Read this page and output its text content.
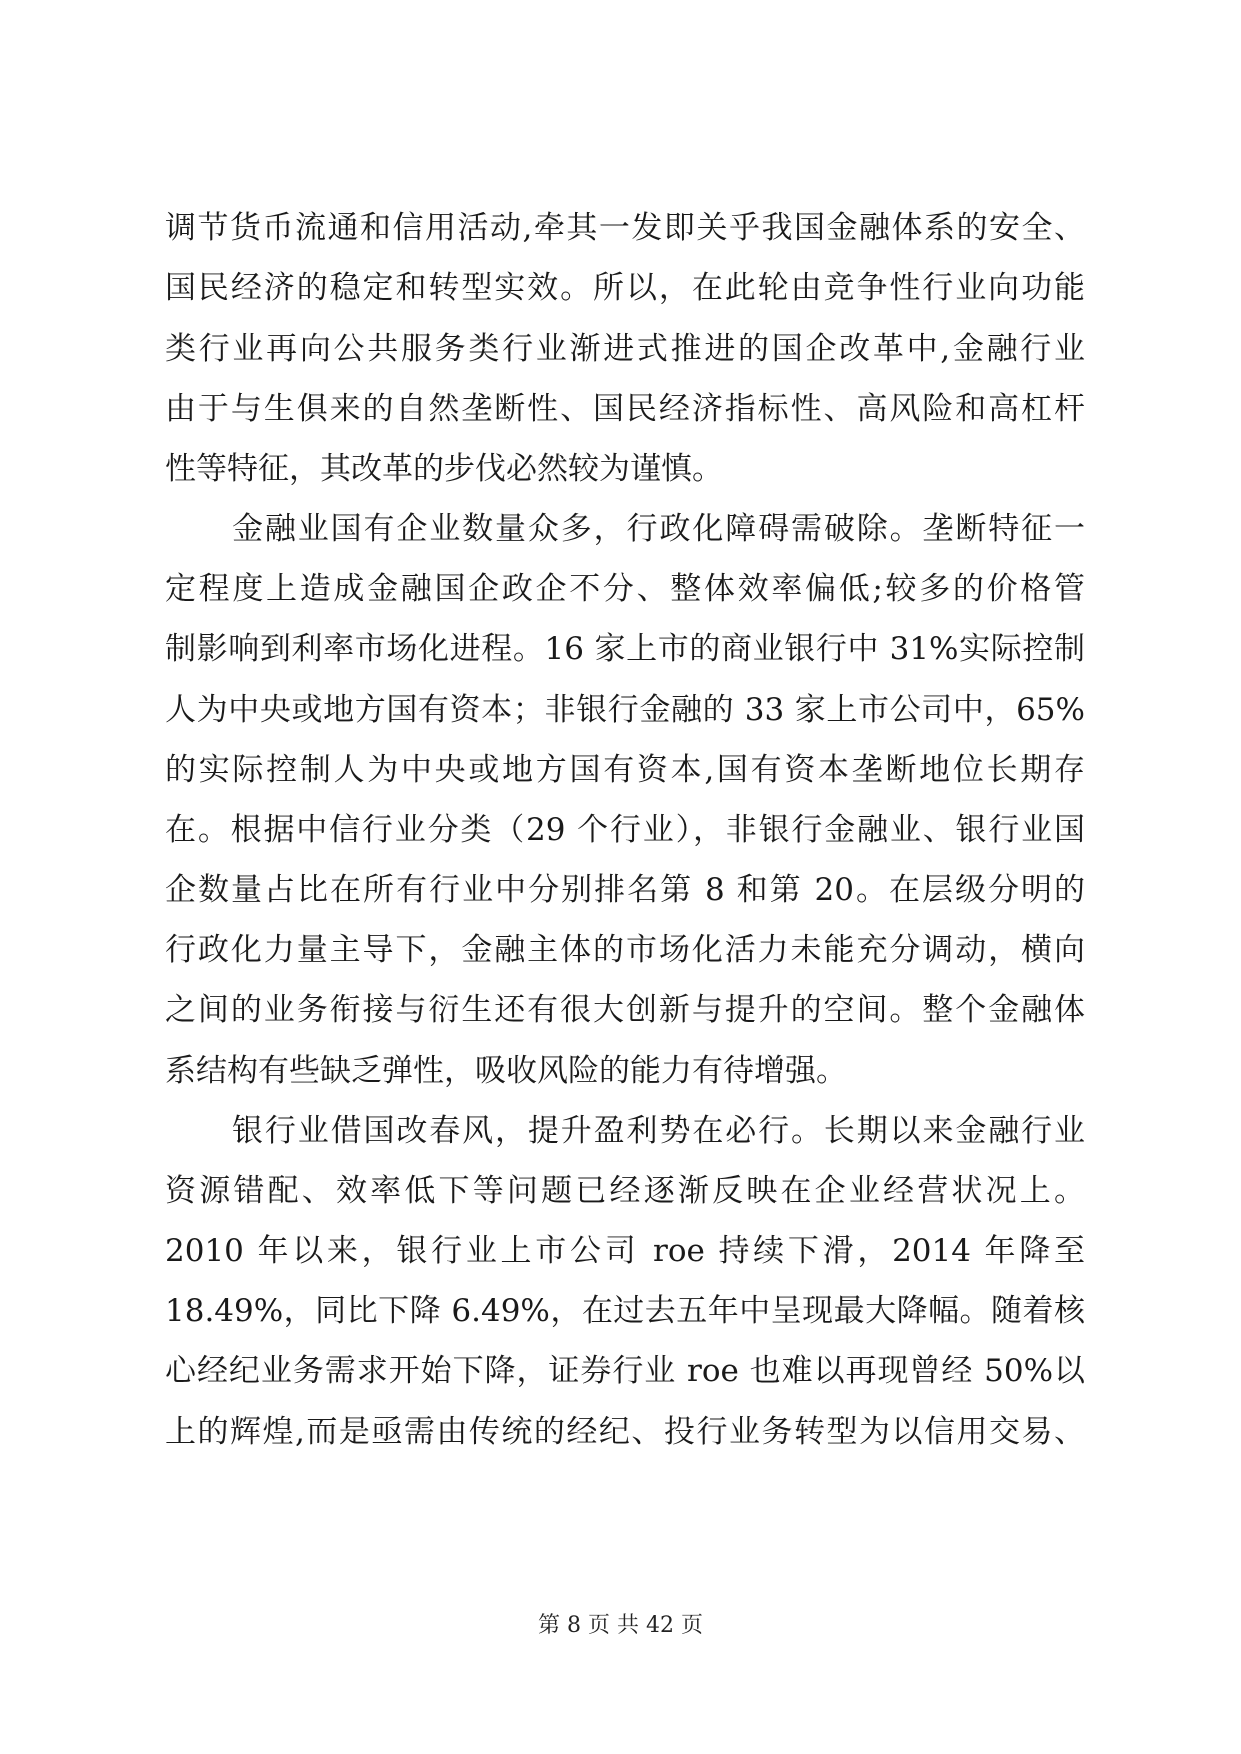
调节货币流通和信用活动,牵其一发即关乎我国金融体系的安全、
国民经济的稳定和转型实效。所以，在此轮由竞争性行业向功能
类行业再向公共服务类行业渐进式推进的国企改革中,金融行业
由于与生俱来的自然垄断性、国民经济指标性、高风险和高杠杆
性等特征，其改革的步伐必然较为谨慎。
金融业国有企业数量众多，行政化障碍需破除。垄断特征一
定程度上造成金融国企政企不分、整体效率偏低;较多的价格管
制影响到利率市场化进程。16 家上市的商业银行中 31%实际控制
人为中央或地方国有资本；非银行金融的 33 家上市公司中，65%
的实际控制人为中央或地方国有资本,国有资本垄断地位长期存
在。根据中信行业分类（29 个行业），非银行金融业、银行业国
企数量占比在所有行业中分别排名第 8 和第 20。在层级分明的
行政化力量主导下，金融主体的市场化活力未能充分调动，横向
之间的业务衔接与衍生还有很大创新与提升的空间。整个金融体
系结构有些缺乏弹性，吸收风险的能力有待增强。
银行业借国改春风，提升盈利势在必行。长期以来金融行业
资源错配、效率低下等问题已经逐渐反映在企业经营状况上。
2010 年以来，银行业上市公司 roe 持续下滑，2014 年降至
18.49%，同比下降 6.49%，在过去五年中呈现最大降幅。随着核
心经纪业务需求开始下降，证券行业 roe 也难以再现曾经 50%以
上的辉煌,而是亟需由传统的经纪、投行业务转型为以信用交易、
第 8 页 共 42 页
